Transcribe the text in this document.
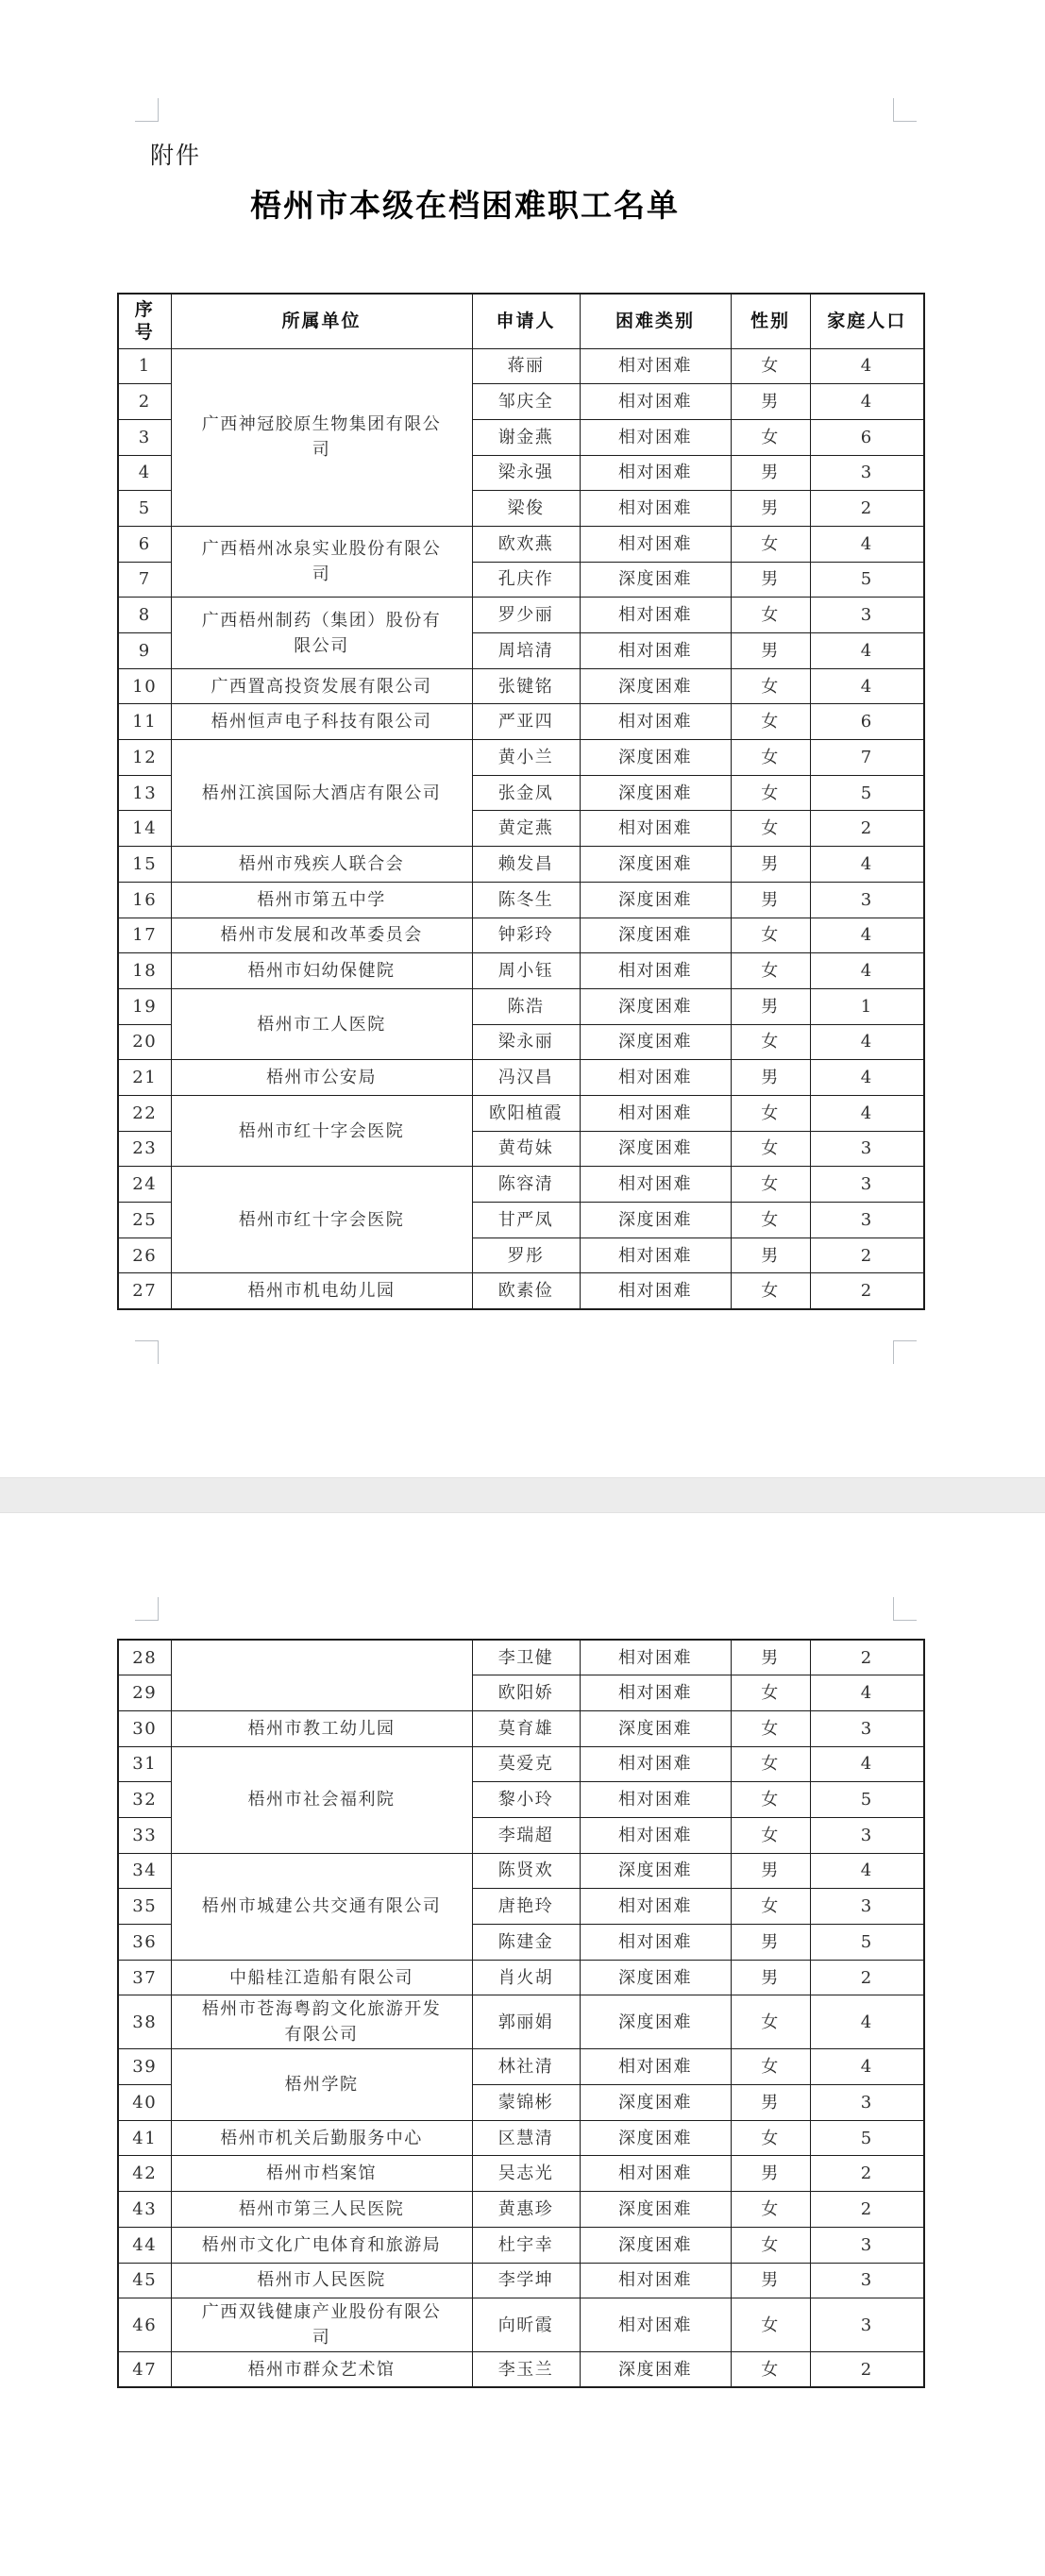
附件
梧州市本级在档困难职工名单
序号	所属单位	申请人	困难类别	性别	家庭人口
1	广西神冠胶原生物集团有限公司	蒋丽	相对困难	女	4
2		邹庆全	相对困难	男	4
3		谢金燕	相对困难	女	6
4		梁永强	相对困难	男	3
5		梁俊	相对困难	男	2
6	广西梧州冰泉实业股份有限公司	欧欢燕	相对困难	女	4
7		孔庆作	深度困难	男	5
8	广西梧州制药（集团）股份有限公司	罗少丽	相对困难	女	3
9		周培清	相对困难	男	4
10	广西置高投资发展有限公司	张键铭	深度困难	女	4
11	梧州恒声电子科技有限公司	严亚四	相对困难	女	6
12	梧州江滨国际大酒店有限公司	黄小兰	深度困难	女	7
13		张金凤	深度困难	女	5
14		黄定燕	相对困难	女	2
15	梧州市残疾人联合会	赖发昌	深度困难	男	4
16	梧州市第五中学	陈冬生	深度困难	男	3
17	梧州市发展和改革委员会	钟彩玲	深度困难	女	4
18	梧州市妇幼保健院	周小钰	相对困难	女	4
19	梧州市工人医院	陈浩	深度困难	男	1
20		梁永丽	深度困难	女	4
21	梧州市公安局	冯汉昌	相对困难	男	4
22	梧州市红十字会医院	欧阳植霞	相对困难	女	4
23		黄苟妹	深度困难	女	3
24	梧州市红十字会医院	陈容清	相对困难	女	3
25		甘严凤	深度困难	女	3
26		罗彤	相对困难	男	2
27	梧州市机电幼儿园	欧素俭	相对困难	女	2
28		李卫健	相对困难	男	2
29		欧阳娇	相对困难	女	4
30	梧州市教工幼儿园	莫育雄	深度困难	女	3
31	梧州市社会福利院	莫爱克	相对困难	女	4
32		黎小玲	相对困难	女	5
33		李瑞超	相对困难	女	3
34	梧州市城建公共交通有限公司	陈贤欢	深度困难	男	4
35		唐艳玲	相对困难	女	3
36		陈建金	相对困难	男	5
37	中船桂江造船有限公司	肖火胡	深度困难	男	2
38	梧州市苍海粤韵文化旅游开发有限公司	郭丽娟	深度困难	女	4
39	梧州学院	林社清	相对困难	女	4
40		蒙锦彬	深度困难	男	3
41	梧州市机关后勤服务中心	区慧清	深度困难	女	5
42	梧州市档案馆	吴志光	相对困难	男	2
43	梧州市第三人民医院	黄惠珍	深度困难	女	2
44	梧州市文化广电体育和旅游局	杜宇幸	深度困难	女	3
45	梧州市人民医院	李学坤	相对困难	男	3
46	广西双钱健康产业股份有限公司	向昕霞	相对困难	女	3
47	梧州市群众艺术馆	李玉兰	深度困难	女	2
